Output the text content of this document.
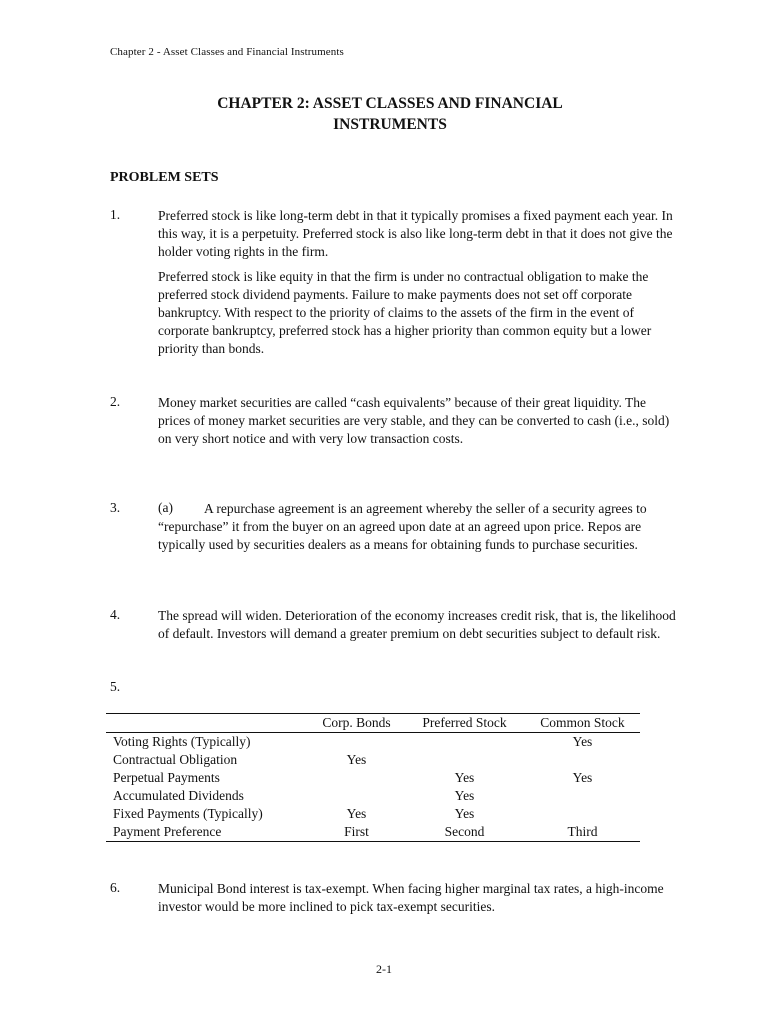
Chapter 2 - Asset Classes and Financial Instruments
CHAPTER 2: ASSET CLASSES AND FINANCIAL
INSTRUMENTS
PROBLEM SETS
1.	Preferred stock is like long-term debt in that it typically promises a fixed payment each year. In this way, it is a perpetuity. Preferred stock is also like long-term debt in that it does not give the holder voting rights in the firm.

Preferred stock is like equity in that the firm is under no contractual obligation to make the preferred stock dividend payments. Failure to make payments does not set off corporate bankruptcy. With respect to the priority of claims to the assets of the firm in the event of corporate bankruptcy, preferred stock has a higher priority than common equity but a lower priority than bonds.

2.	Money market securities are called “cash equivalents” because of their great liquidity. The prices of money market securities are very stable, and they can be converted to cash (i.e., sold) on very short notice and with very low transaction costs.

3.	A repurchase agreement is an agreement whereby the seller of a security agrees to “repurchase” it from the buyer on an agreed upon date at an agreed upon price. Repos are typically used by securities dealers as a means for obtaining funds to purchase securities.

(a)
4.	The spread will widen. Deterioration of the economy increases credit risk, that is, the likelihood of default. Investors will demand a greater premium on debt securities subject to default risk.

5.
	Corp. Bonds	Preferred Stock	Common Stock
Voting Rights (Typically)			Yes
Contractual Obligation	Yes		
Perpetual Payments		Yes	Yes
Accumulated Dividends		Yes	
Fixed Payments (Typically)	Yes	Yes	
Payment Preference	First	Second	Third
6.	Municipal Bond interest is tax-exempt. When facing higher marginal tax rates, a high-income investor would be more inclined to pick tax-exempt securities.

2-1
